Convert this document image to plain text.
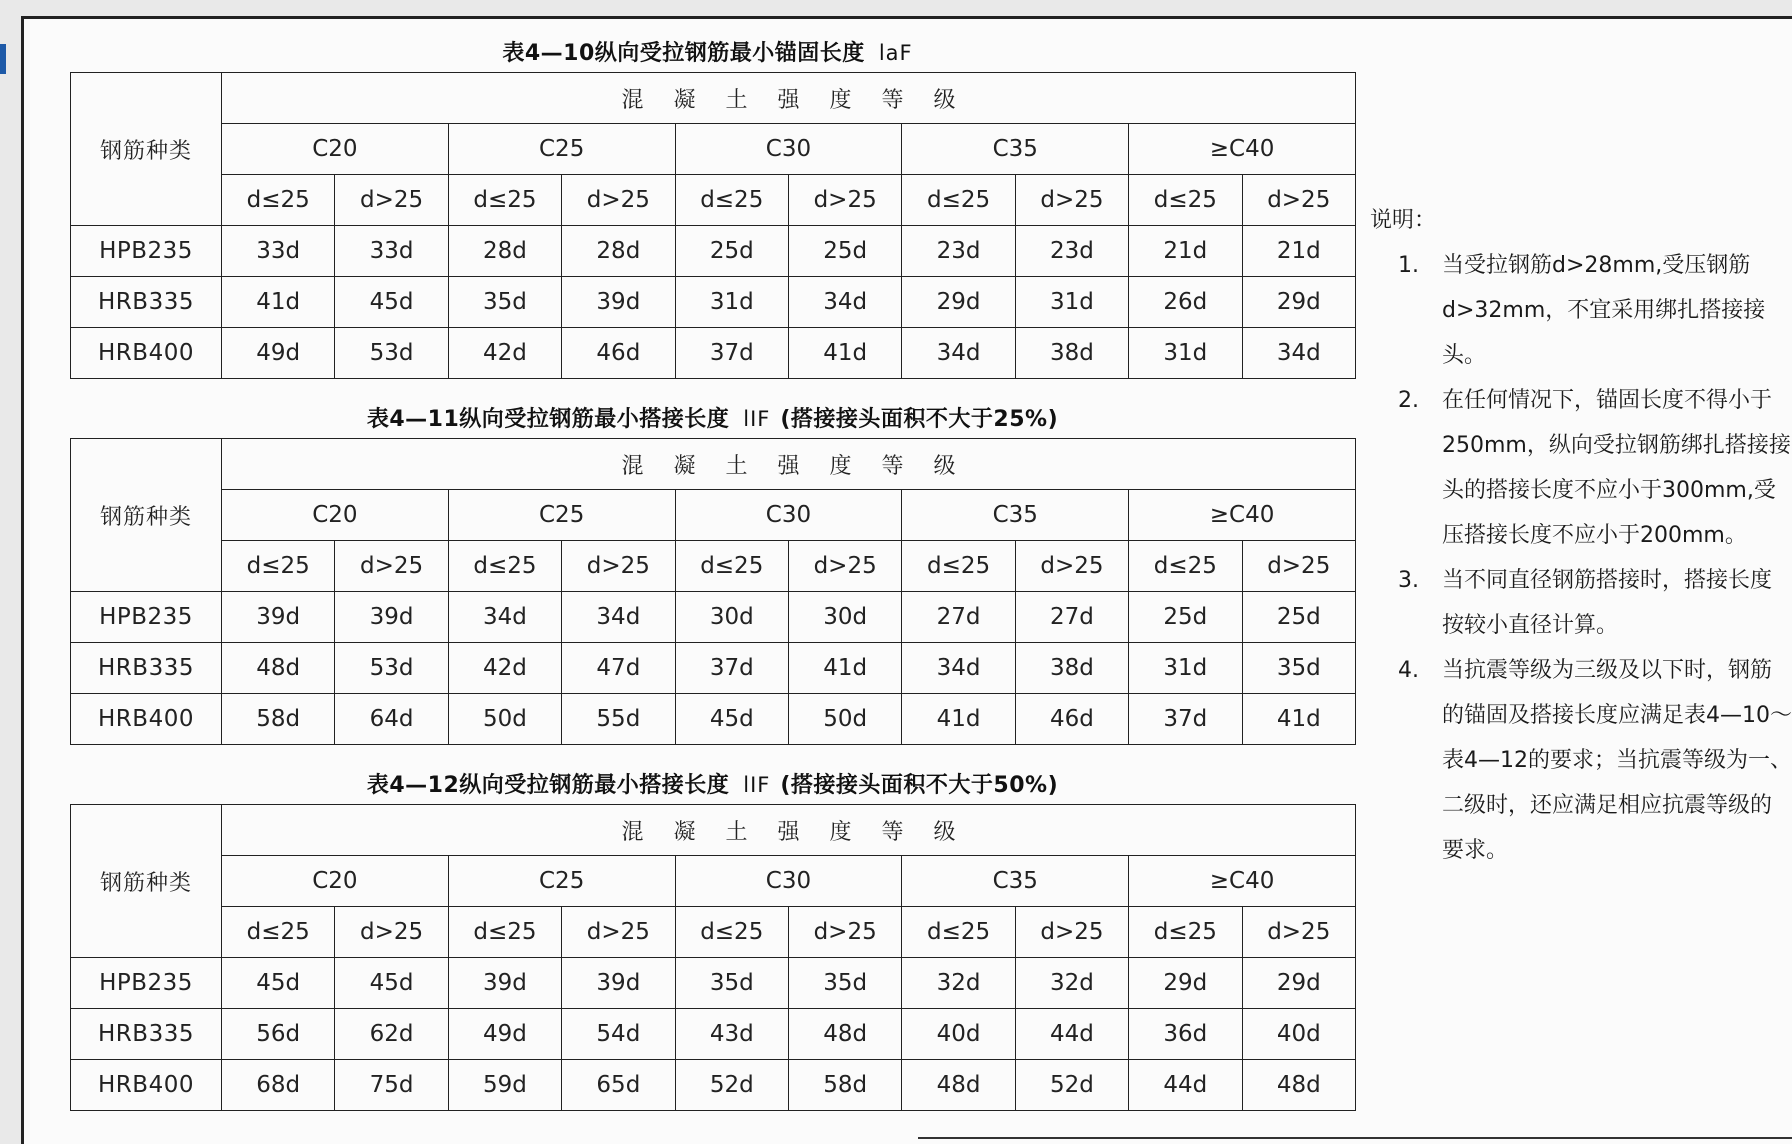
表4—10纵向受拉钢筋最小锚固长度 laF
表4—11纵向受拉钢筋最小搭接长度 lIF (搭接接头面积不大于25%)
表4—12纵向受拉钢筋最小搭接长度 lIF (搭接接头面积不大于50%)
钢筋种类	混凝土强度等级									
	C20		C25		C30		C35		≥C40	
	d≤25	d>25	d≤25	d>25	d≤25	d>25	d≤25	d>25	d≤25	d>25
HPB235	33d	33d	28d	28d	25d	25d	23d	23d	21d	21d
HRB335	41d	45d	35d	39d	31d	34d	29d	31d	26d	29d
HRB400	49d	53d	42d	46d	37d	41d	34d	38d	31d	34d
钢筋种类	混凝土强度等级									
	C20		C25		C30		C35		≥C40	
	d≤25	d>25	d≤25	d>25	d≤25	d>25	d≤25	d>25	d≤25	d>25
HPB235	39d	39d	34d	34d	30d	30d	27d	27d	25d	25d
HRB335	48d	53d	42d	47d	37d	41d	34d	38d	31d	35d
HRB400	58d	64d	50d	55d	45d	50d	41d	46d	37d	41d
钢筋种类	混凝土强度等级									
	C20		C25		C30		C35		≥C40	
	d≤25	d>25	d≤25	d>25	d≤25	d>25	d≤25	d>25	d≤25	d>25
HPB235	45d	45d	39d	39d	35d	35d	32d	32d	29d	29d
HRB335	56d	62d	49d	54d	43d	48d	40d	44d	36d	40d
HRB400	68d	75d	59d	65d	52d	58d	48d	52d	44d	48d
说明：
1. 当受拉钢筋d>28mm,受压钢筋d>32mm，不宜采用绑扎搭接接头。
2. 在任何情况下，锚固长度不得小于250mm，纵向受拉钢筋绑扎搭接接头的搭接长度不应小于300mm,受压搭接长度不应小于200mm。
3. 当不同直径钢筋搭接时，搭接长度按较小直径计算。
4. 当抗震等级为三级及以下时，钢筋的锚固及搭接长度应满足表4—10～表4—12的要求；当抗震等级为一、二级时，还应满足相应抗震等级的要求。
